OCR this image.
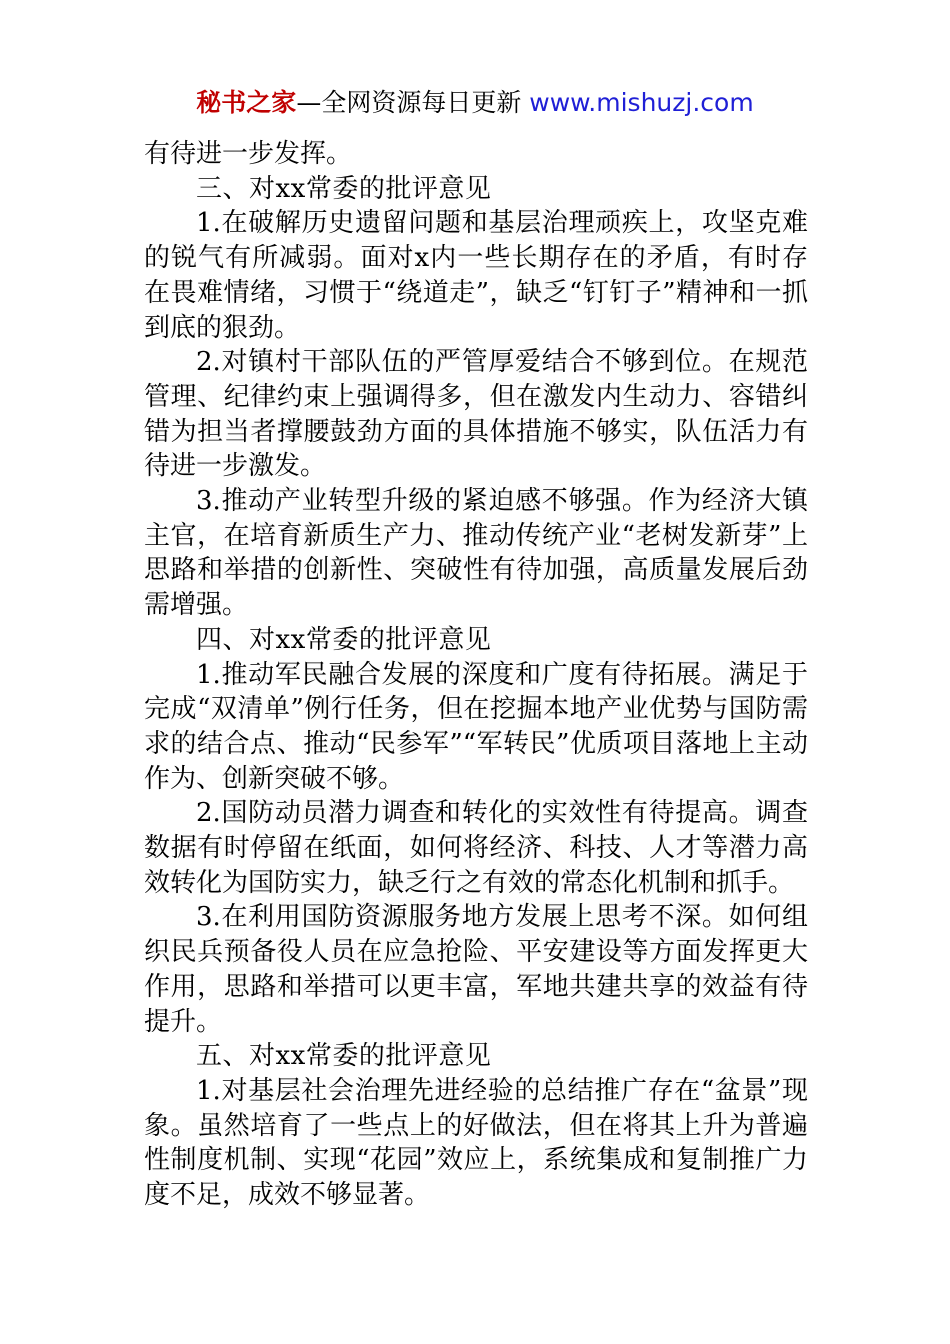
秘书之家—全网资源每日更新 www.mishuzj.com

有待进一步发挥。

三、对xx常委的批评意见

1.在破解历史遗留问题和基层治理顽疾上，攻坚克难的锐气有所减弱。面对x内一些长期存在的矛盾，有时存在畏难情绪，习惯于“绕道走”，缺乏“钉钉子”精神和一抓到底的狠劲。

2.对镇村干部队伍的严管厚爱结合不够到位。在规范管理、纪律约束上强调得多，但在激发内生动力、容错纠错为担当者撑腰鼓劲方面的具体措施不够实，队伍活力有待进一步激发。

3.推动产业转型升级的紧迫感不够强。作为经济大镇主官，在培育新质生产力、推动传统产业“老树发新芽”上思路和举措的创新性、突破性有待加强，高质量发展后劲需增强。

四、对xx常委的批评意见

1.推动军民融合发展的深度和广度有待拓展。满足于完成“双清单”例行任务，但在挖掘本地产业优势与国防需求的结合点、推动“民参军”“军转民”优质项目落地上主动作为、创新突破不够。

2.国防动员潜力调查和转化的实效性有待提高。调查数据有时停留在纸面，如何将经济、科技、人才等潜力高效转化为国防实力，缺乏行之有效的常态化机制和抓手。

3.在利用国防资源服务地方发展上思考不深。如何组织民兵预备役人员在应急抢险、平安建设等方面发挥更大作用，思路和举措可以更丰富，军地共建共享的效益有待提升。

五、对xx常委的批评意见

1.对基层社会治理先进经验的总结推广存在“盆景”现象。虽然培育了一些点上的好做法，但在将其上升为普遍性制度机制、实现“花园”效应上，系统集成和复制推广力度不足，成效不够显著。
